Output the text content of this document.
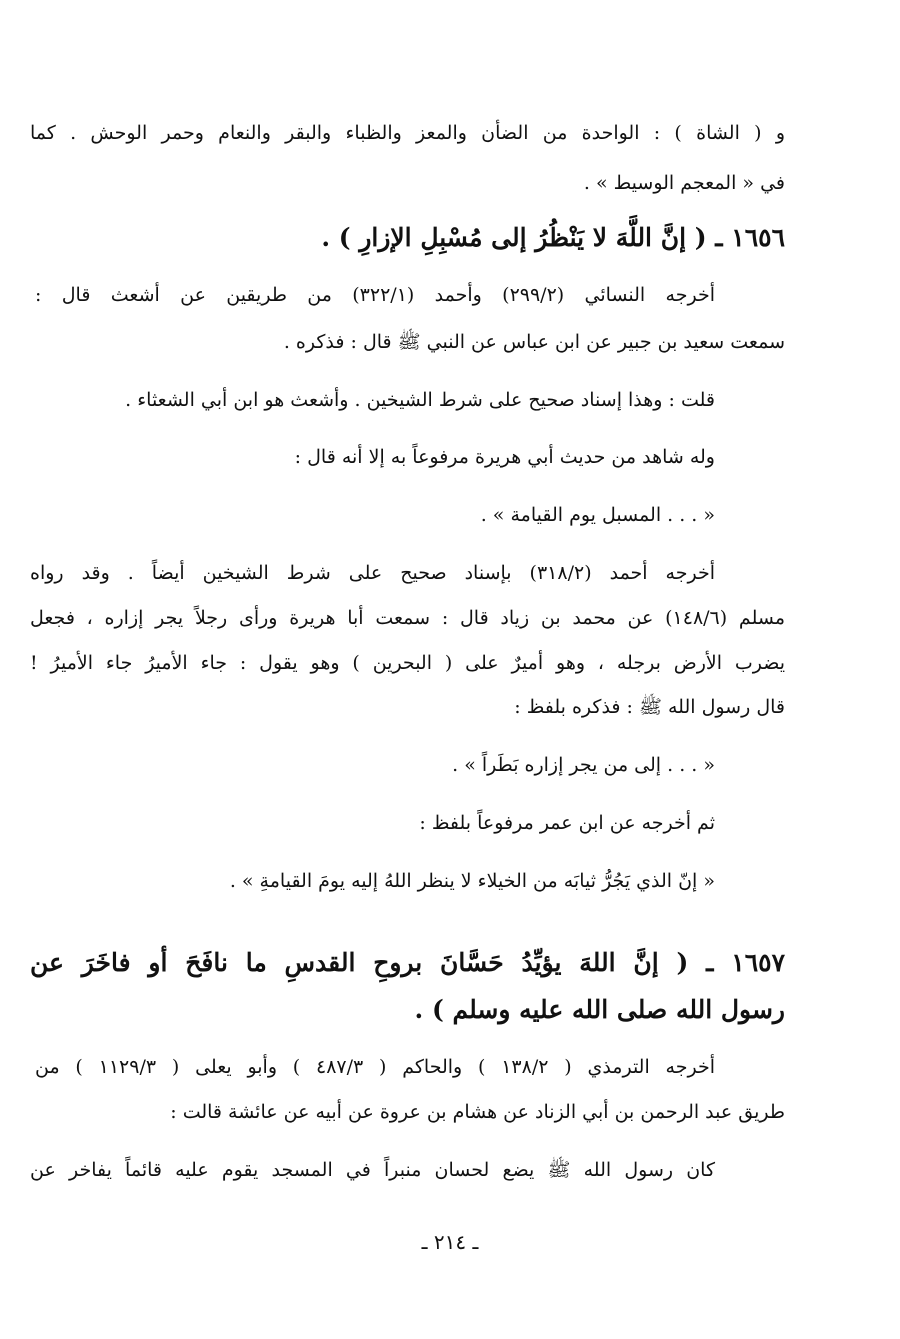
و ( الشاة ) : الواحدة من الضأن والمعز والظباء والبقر والنعام وحمر الوحش . كما
في « المعجم الوسيط » .
١٦٥٦ ـ ( إنَّ اللَّهَ لا يَنْظُرُ إلى مُسْبِلِ الإزارِ ) .
أخرجه النسائي (٢٩٩/٢) وأحمد (٣٢٢/١) من طريقين عن أشعث قال :
سمعت سعيد بن جبير عن ابن عباس عن النبي ﷺ قال : فذكره .
قلت : وهذا إسناد صحيح على شرط الشيخين . وأشعث هو ابن أبي الشعثاء .
وله شاهد من حديث أبي هريرة مرفوعاً به إلا أنه قال :
« . . . المسبل يوم القيامة » .
أخرجه أحمد (٣١٨/٢) بإسناد صحيح على شرط الشيخين أيضاً . وقد رواه
مسلم (١٤٨/٦) عن محمد بن زياد قال : سمعت أبا هريرة ورأى رجلاً يجر إزاره ، فجعل
يضرب الأرض برجله ، وهو أميرٌ على ( البحرين ) وهو يقول : جاء الأميرُ جاء الأميرُ !
قال رسول الله ﷺ : فذكره بلفظ :
« . . . إلى من يجر إزاره بَطَراً » .
ثم أخرجه عن ابن عمر مرفوعاً بلفظ :
« إنّ الذي يَجُرُّ ثيابَه من الخيلاء لا ينظر اللهُ إليه يومَ القيامةِ » .
١٦٥٧ ـ ( إنَّ اللهَ يؤيِّدُ حَسَّانَ بروحِ القدسِ ما نافَحَ أو فاخَرَ عن
رسول الله صلى الله عليه وسلم ) .
أخرجه الترمذي ( ١٣٨/٢ ) والحاكم ( ٤٨٧/٣ ) وأبو يعلى ( ١١٢٩/٣ ) من
طريق عبد الرحمن بن أبي الزناد عن هشام بن عروة عن أبيه عن عائشة قالت :
كان رسول الله ﷺ يضع لحسان منبراً في المسجد يقوم عليه قائماً يفاخر عن
ـ ٢١٤ ـ
